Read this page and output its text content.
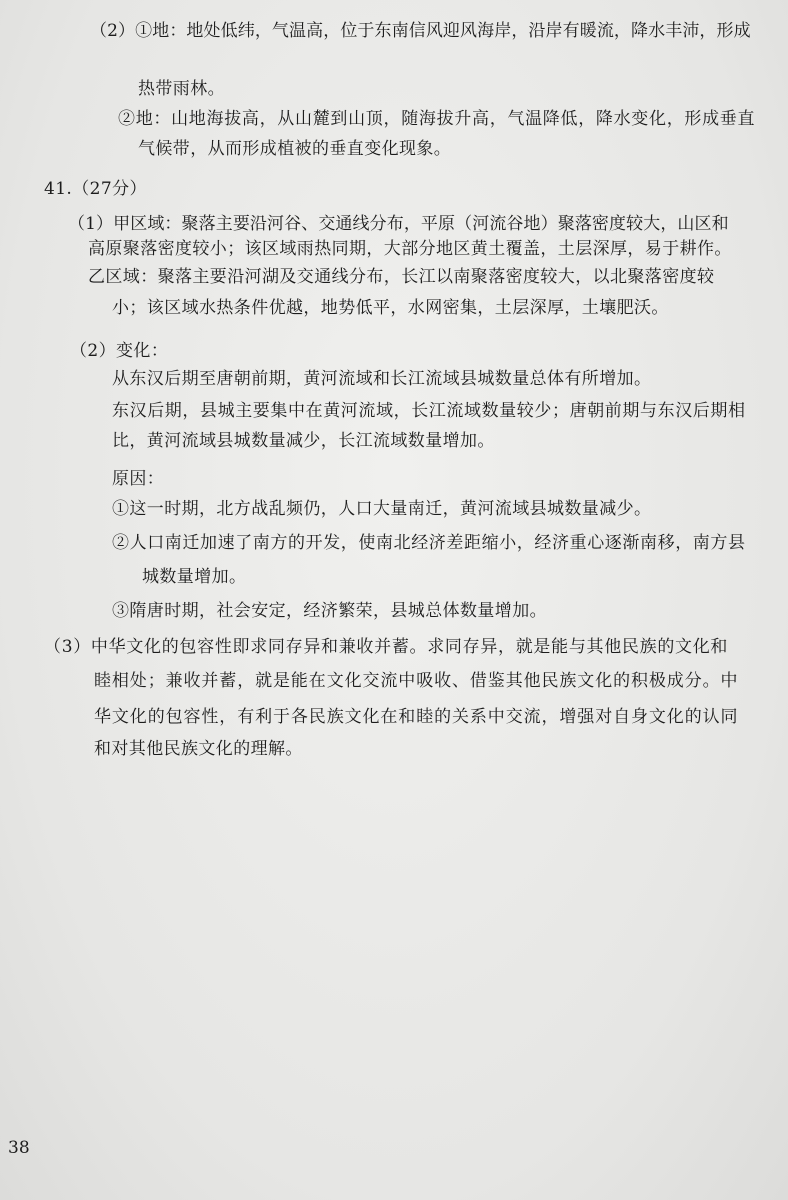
（2）①地：地处低纬，气温高，位于东南信风迎风海岸，沿岸有暖流，降水丰沛，形成
热带雨林。
②地：山地海拔高，从山麓到山顶，随海拔升高，气温降低，降水变化，形成垂直
气候带，从而形成植被的垂直变化现象。
41.（27分）
（1）甲区域：聚落主要沿河谷、交通线分布，平原（河流谷地）聚落密度较大，山区和
高原聚落密度较小；该区域雨热同期，大部分地区黄土覆盖，土层深厚，易于耕作。
乙区域：聚落主要沿河湖及交通线分布，长江以南聚落密度较大，以北聚落密度较
小；该区域水热条件优越，地势低平，水网密集，土层深厚，土壤肥沃。
（2）变化：
从东汉后期至唐朝前期，黄河流域和长江流域县城数量总体有所增加。
东汉后期，县城主要集中在黄河流域，长江流域数量较少；唐朝前期与东汉后期相
比，黄河流域县城数量减少，长江流域数量增加。
原因：
①这一时期，北方战乱频仍，人口大量南迁，黄河流域县城数量减少。
②人口南迁加速了南方的开发，使南北经济差距缩小，经济重心逐渐南移，南方县
城数量增加。
③隋唐时期，社会安定，经济繁荣，县城总体数量增加。
（3）中华文化的包容性即求同存异和兼收并蓄。求同存异，就是能与其他民族的文化和
睦相处；兼收并蓄，就是能在文化交流中吸收、借鉴其他民族文化的积极成分。中
华文化的包容性，有利于各民族文化在和睦的关系中交流，增强对自身文化的认同
和对其他民族文化的理解。
38
